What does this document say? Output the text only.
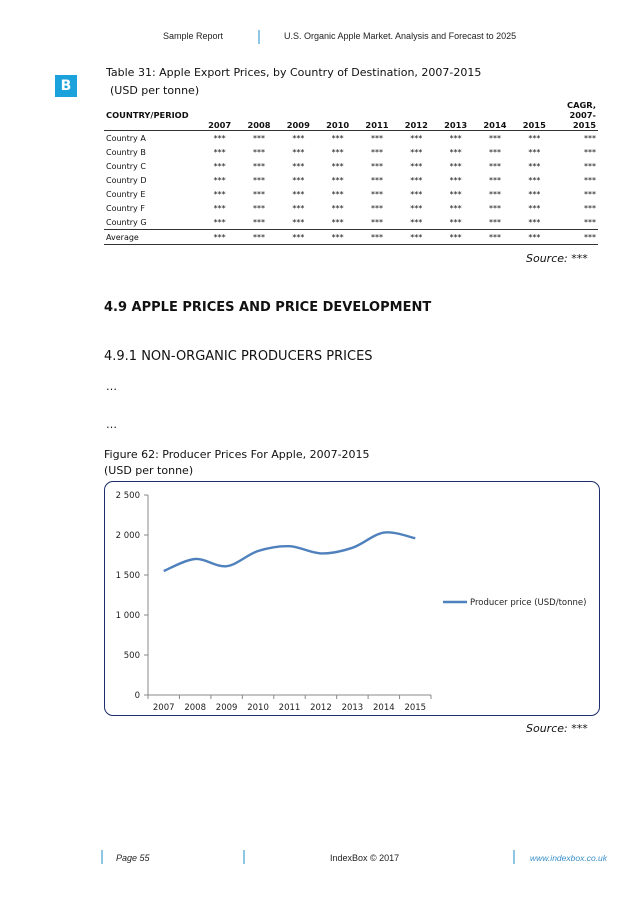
Sample Report	U.S. Organic Apple Market. Analysis and Forecast to 2025
B
Table 31: Apple Export Prices, by Country of Destination, 2007-2015
(USD per tonne)
COUNTRY/PERIOD	2007	2008	2009	2010	2011	2012	2013	2014	2015	CAGR, 2007-2015
Country A	***	***	***	***	***	***	***	***	***	***
Country B	***	***	***	***	***	***	***	***	***	***
Country C	***	***	***	***	***	***	***	***	***	***
Country D	***	***	***	***	***	***	***	***	***	***
Country E	***	***	***	***	***	***	***	***	***	***
Country F	***	***	***	***	***	***	***	***	***	***
Country G	***	***	***	***	***	***	***	***	***	***
Average	***	***	***	***	***	***	***	***	***	***
Source: ***
4.9 APPLE PRICES AND PRICE DEVELOPMENT
4.9.1 NON-ORGANIC PRODUCERS PRICES
…
…
Figure 62: Producer Prices For Apple, 2007-2015
(USD per tonne)
0
500
1 000
1 500
2 000
2 500
2007 2008 2009 2010 2011 2012 2013 2014 2015
Producer price (USD/tonne)
Source: ***
Page 55	IndexBox © 2017	www.indexbox.co.uk
